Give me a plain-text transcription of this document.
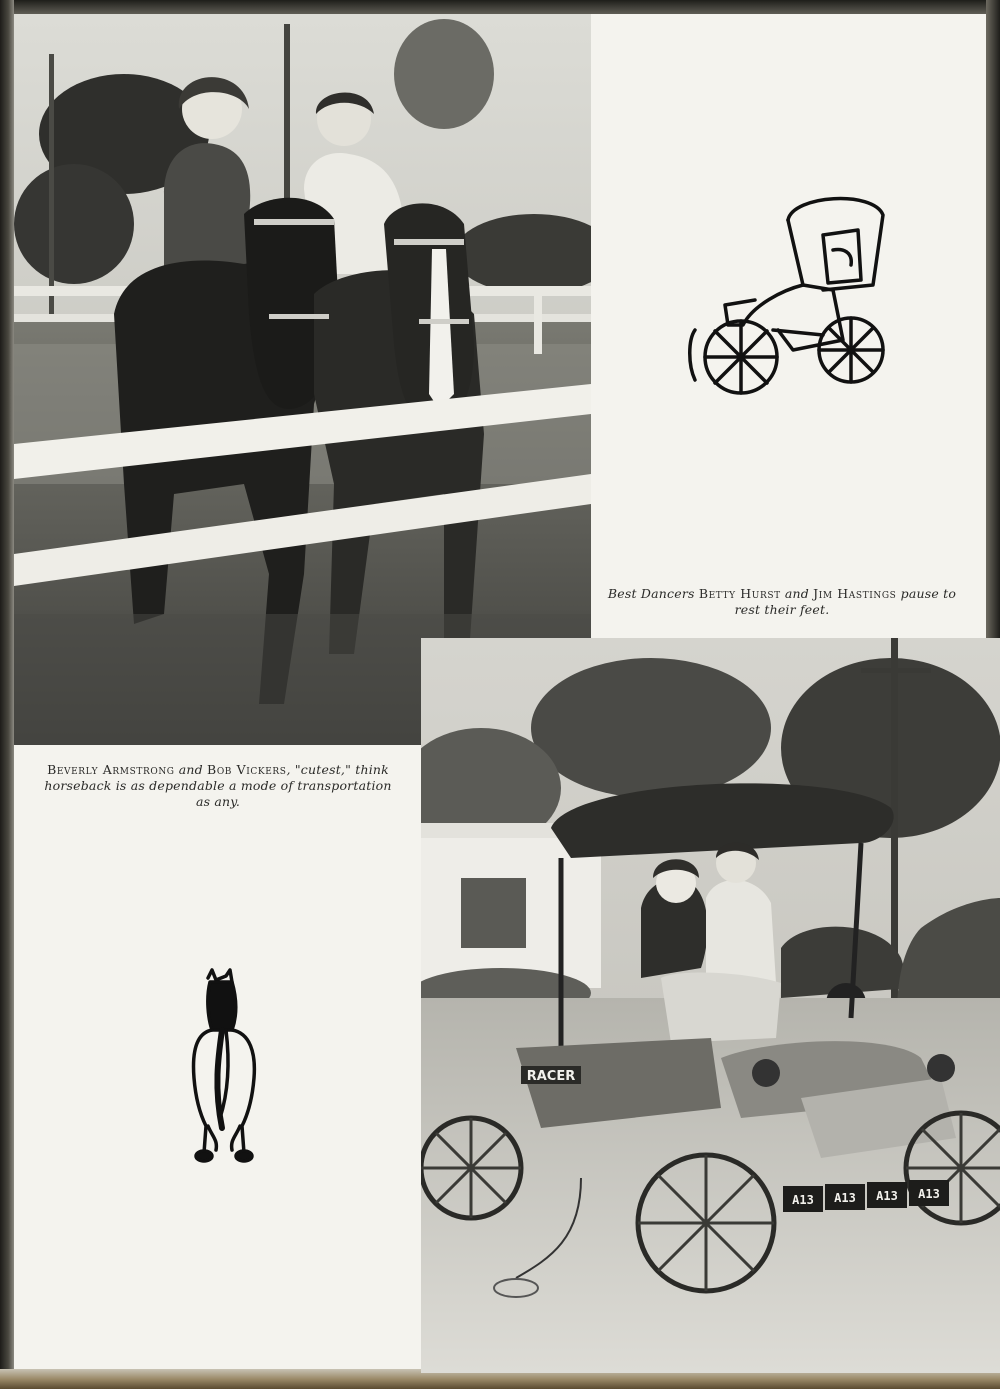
Best Dancers Betty Hurst and Jim Hastings pause to rest their feet.
Beverly Armstrong and Bob Vickers, "cutest," think horseback is as dependable a mode of transportation as any.
RACER
A13 A13 A13 A13
